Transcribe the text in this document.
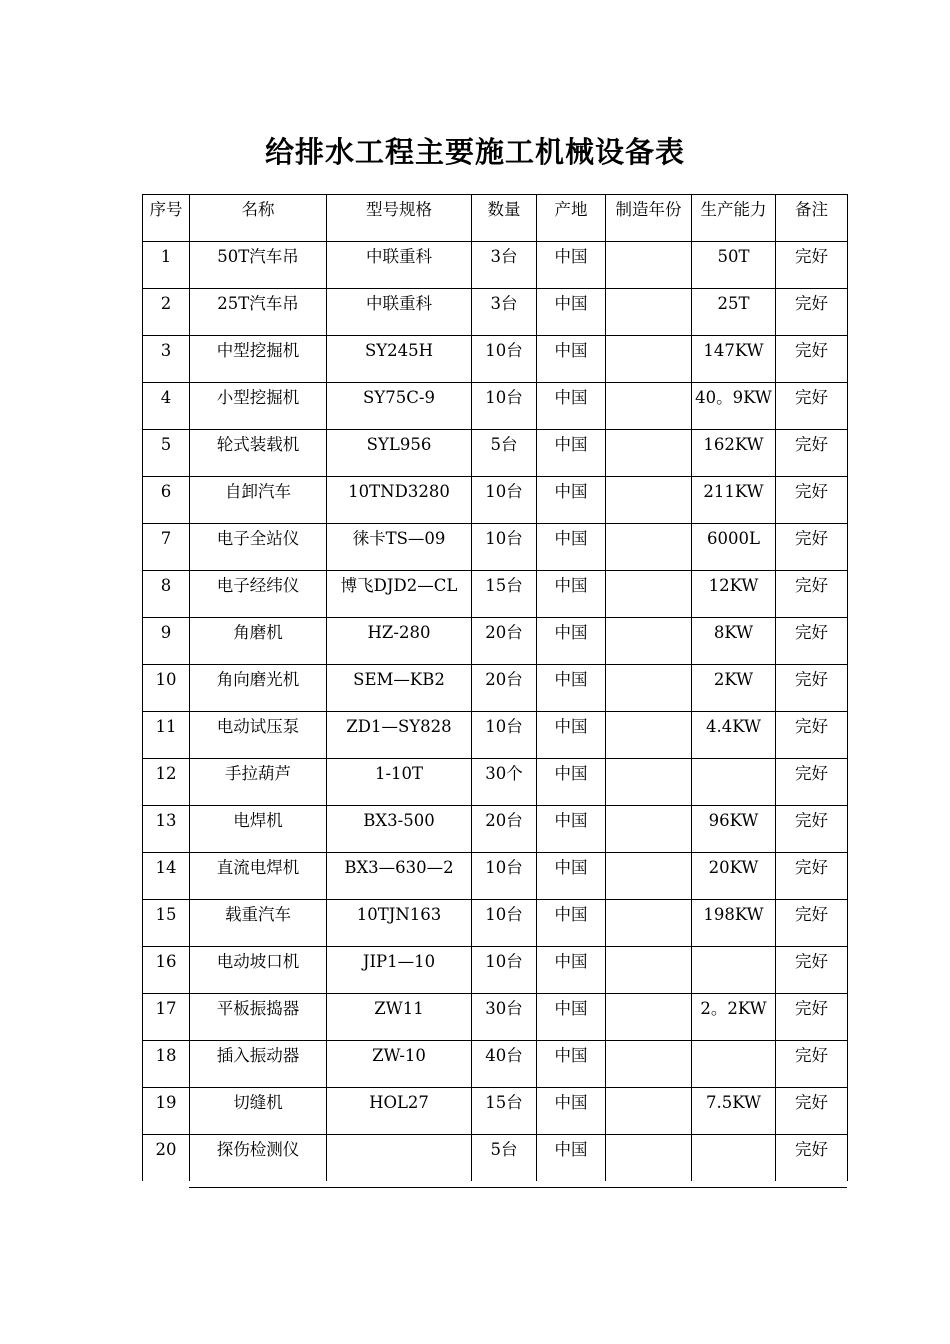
给排水工程主要施工机械设备表
序号	名称	型号规格	数量	产地	制造年份	生产能力	备注

1	50T汽车吊	中联重科	3台	中国		50T	完好

2	25T汽车吊	中联重科	3台	中国		25T	完好

3	中型挖掘机	SY245H	10台	中国		147KW	完好

4	小型挖掘机	SY75C-9	10台	中国		40。9KW	完好

5	轮式装载机	SYL956	5台	中国		162KW	完好

6	自卸汽车	10TND3280	10台	中国		211KW	完好

7	电子全站仪	徕卡TS—09	10台	中国		6000L	完好

8	电子经纬仪	博飞DJD2—CL	15台	中国		12KW	完好

9	角磨机	HZ-280	20台	中国		8KW	完好

10	角向磨光机	SEM—KB2	20台	中国		2KW	完好

11	电动试压泵	ZD1—SY828	10台	中国		4.4KW	完好

12	手拉葫芦	1-10T	30个	中国			完好

13	电焊机	BX3-500	20台	中国		96KW	完好

14	直流电焊机	BX3—630—2	10台	中国		20KW	完好

15	载重汽车	10TJN163	10台	中国		198KW	完好

16	电动坡口机	JIP1—10	10台	中国			完好

17	平板振捣器	ZW11	30台	中国		2。2KW	完好

18	插入振动器	ZW-10	40台	中国			完好

19	切缝机	HOL27	15台	中国		7.5KW	完好

20	探伤检测仪		5台	中国			完好
